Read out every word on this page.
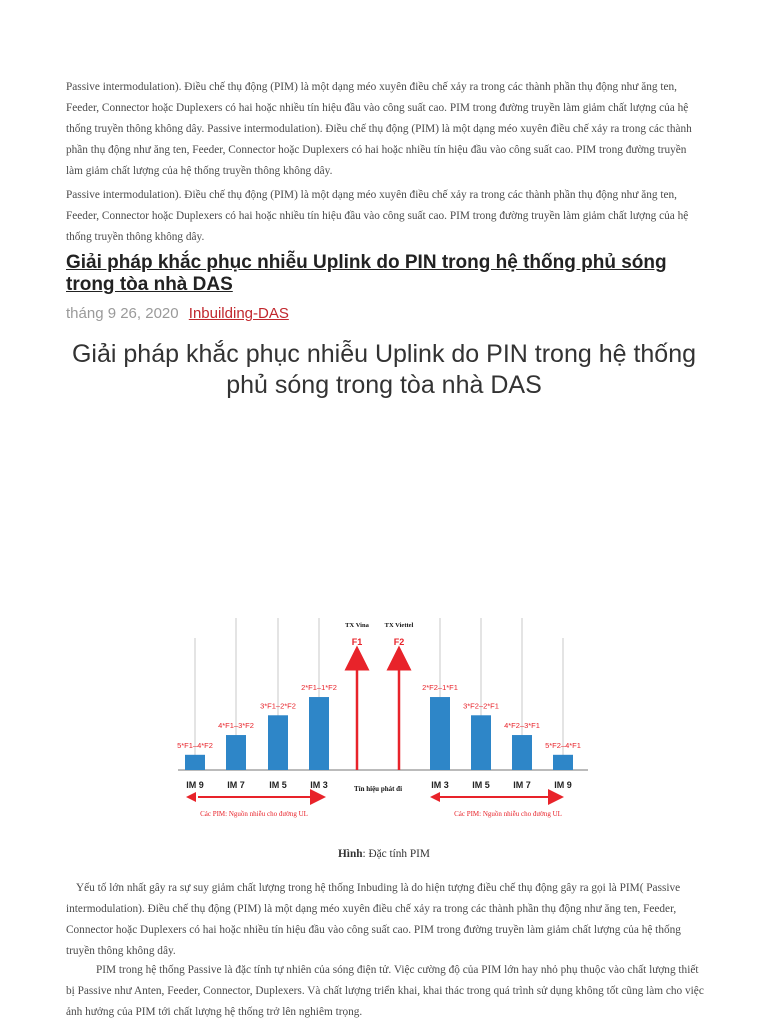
Passive intermodulation). Điều chế thụ động (PIM) là một dạng méo xuyên điều chế xảy ra trong các thành phần thụ động như ăng ten, Feeder, Connector hoặc Duplexers có hai hoặc nhiều tín hiệu đầu vào công suất cao. PIM trong đường truyền làm giảm chất lượng của hệ thống truyền thông không dây. Passive intermodulation). Điều chế thụ động (PIM) là một dạng méo xuyên điều chế xảy ra trong các thành phần thụ động như ăng ten, Feeder, Connector hoặc Duplexers có hai hoặc nhiều tín hiệu đầu vào công suất cao. PIM trong đường truyền làm giảm chất lượng của hệ thống truyền thông không dây.

Passive intermodulation). Điều chế thụ động (PIM) là một dạng méo xuyên điều chế xảy ra trong các thành phần thụ động như ăng ten, Feeder, Connector hoặc Duplexers có hai hoặc nhiều tín hiệu đầu vào công suất cao. PIM trong đường truyền làm giảm chất lượng của hệ thống truyền thông không dây.

Giải pháp khắc phục nhiễu Uplink do PIN trong hệ thống phủ sóng trong tòa nhà DAS
tháng 9 26, 2020 Inbuilding-DAS
Giải pháp khắc phục nhiễu Uplink do PIN trong hệ thống phủ sóng trong tòa nhà DAS
5*F1–4*F2
IM 9
4*F1–3*F2
IM 7
3*F1–2*F2
IM 5
2*F1–1*F2
IM 3
2*F2–1*F1
IM 3
3*F2–2*F1
IM 5
4*F2–3*F1
IM 7
5*F2–4*F1
IM 9
F1
TX Vina
F2
TX Viettel
Tín hiệu phát đi
Các PIM: Nguồn nhiễu cho đường UL	Các PIM: Nguồn nhiễu cho đường UL
Hình: Đặc tính PIM

Yếu tố lớn nhất gây ra sự suy giảm chất lượng trong hệ thống Inbuding là do hiện tượng điều chế thụ động gây ra gọi là PIM( Passive intermodulation). Điều chế thụ động (PIM) là một dạng méo xuyên điều chế xảy ra trong các thành phần thụ động như ăng ten, Feeder, Connector hoặc Duplexers có hai hoặc nhiều tín hiệu đầu vào công suất cao. PIM trong đường truyền làm giảm chất lượng của hệ thống truyền thông không dây.

PIM trong hệ thống Passive là đặc tính tự nhiên của sóng điện tử. Việc cường độ của PIM lớn hay nhỏ phụ thuộc vào chất lượng thiết bị Passive như Anten, Feeder, Connector, Duplexers. Và chất lượng triển khai, khai thác trong quá trình sử dụng không tốt cũng làm cho việc ảnh hưởng của PIM tới chất lượng hệ thống trở lên nghiêm trọng.
